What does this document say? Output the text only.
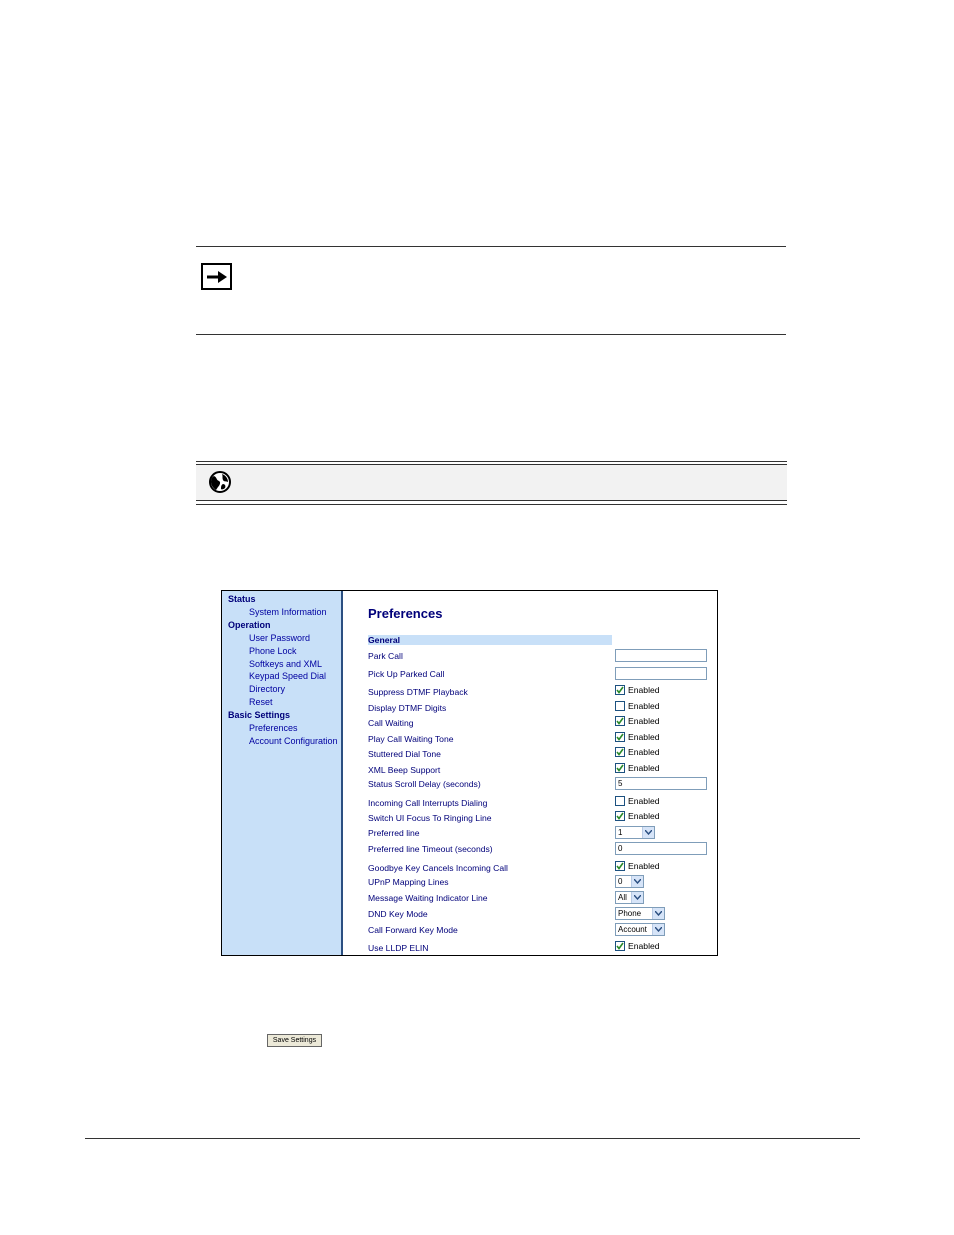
Status
System Information
Operation
User Password
Phone Lock
Softkeys and XML
Keypad Speed Dial
Directory
Reset
Basic Settings
Preferences
Account Configuration
Preferences
General
Park Call
Pick Up Parked Call
Suppress DTMF Playback	Enabled
Display DTMF Digits	Enabled
Call Waiting	Enabled
Play Call Waiting Tone	Enabled
Stuttered Dial Tone	Enabled
XML Beep Support	Enabled
Status Scroll Delay (seconds)	5
Incoming Call Interrupts Dialing	Enabled
Switch UI Focus To Ringing Line	Enabled
Preferred line	1
Preferred line Timeout (seconds)	0
Goodbye Key Cancels Incoming Call	Enabled
UPnP Mapping Lines	0
Message Waiting Indicator Line	All
DND Key Mode	Phone
Call Forward Key Mode	Account
Use LLDP ELIN	Enabled
Save Settings
